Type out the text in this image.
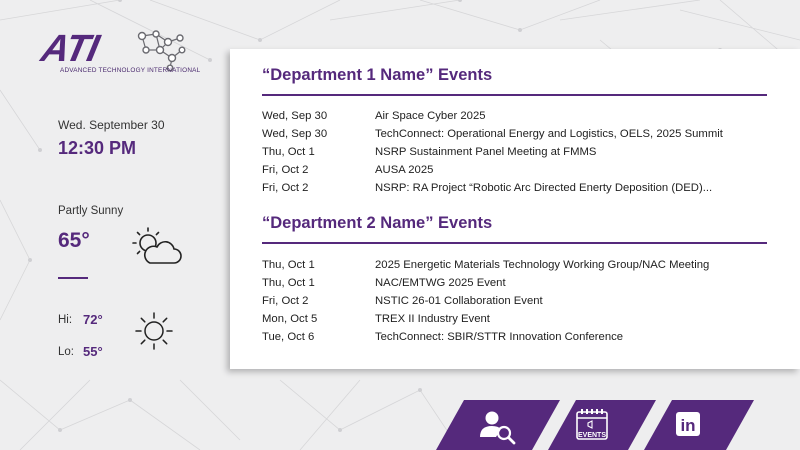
ATI
ADVANCED TECHNOLOGY INTERNATIONAL
Wed. September 30
12:30 PM
Partly Sunny
65°
Hi: 72°
Lo: 55°
“Department 1 Name” Events
Wed, Sep 30	Air Space Cyber 2025
Wed, Sep 30	TechConnect: Operational Energy and Logistics, OELS, 2025 Summit
Thu, Oct 1	NSRP Sustainment Panel Meeting at FMMS
Fri, Oct 2	AUSA 2025
Fri, Oct 2	NSRP: RA Project “Robotic Arc Directed Enerty Deposition (DED)...
“Department 2 Name” Events
Thu, Oct 1	2025 Energetic Materials Technology Working Group/NAC Meeting
Thu, Oct 1	NAC/EMTWG 2025 Event
Fri, Oct 2	NSTIC 26-01 Collaboration Event
Mon, Oct 5	TREX II Industry Event
Tue, Oct 6	TechConnect: SBIR/STTR Innovation Conference
EVENTS
in
